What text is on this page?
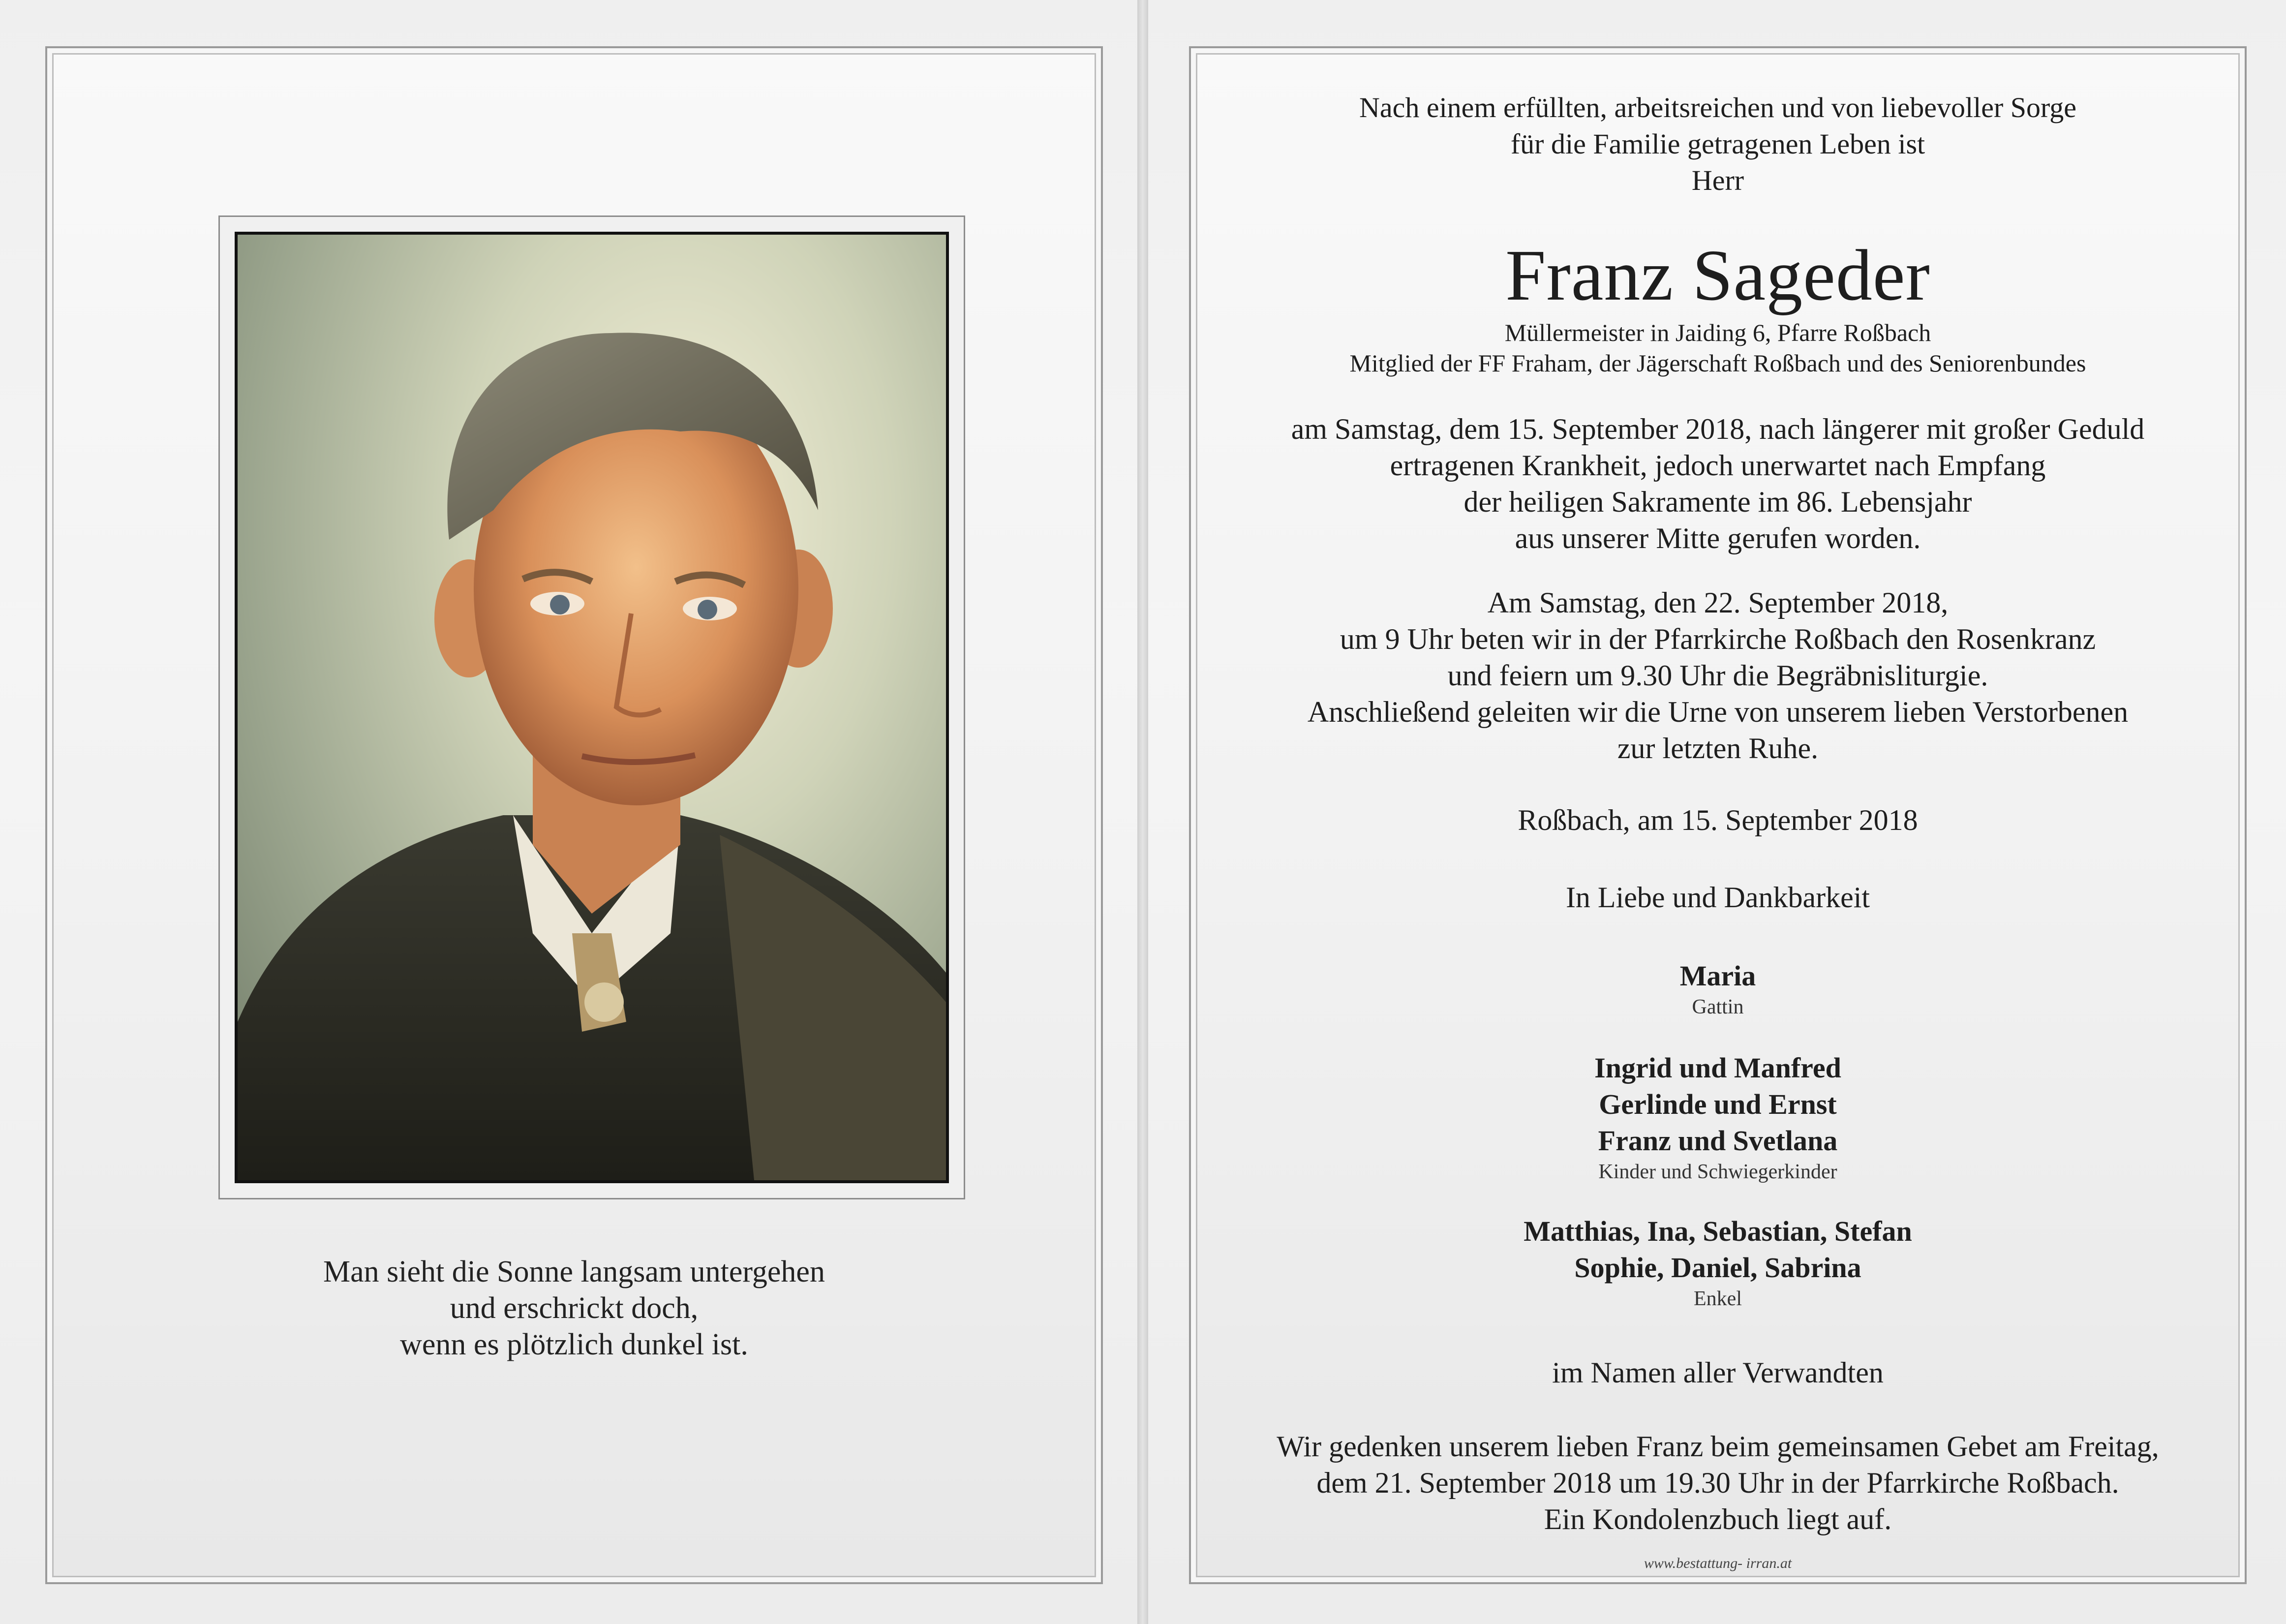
Man sieht die Sonne langsam untergehen
und erschrickt doch,
wenn es plötzlich dunkel ist.
Nach einem erfüllten, arbeitsreichen und von liebevoller Sorge
für die Familie getragenen Leben ist
Herr
Franz Sageder
Müllermeister in Jaiding 6, Pfarre Roßbach
Mitglied der FF Fraham, der Jägerschaft Roßbach und des Seniorenbundes
am Samstag, dem 15. September 2018, nach längerer mit großer Geduld
ertragenen Krankheit, jedoch unerwartet nach Empfang
der heiligen Sakramente im 86. Lebensjahr
aus unserer Mitte gerufen worden.
Am Samstag, den 22. September 2018,
um 9 Uhr beten wir in der Pfarrkirche Roßbach den Rosenkranz
und feiern um 9.30 Uhr die Begräbnisliturgie.
Anschließend geleiten wir die Urne von unserem lieben Verstorbenen
zur letzten Ruhe.
Roßbach, am 15. September 2018
In Liebe und Dankbarkeit
Maria
Gattin
Ingrid und Manfred
Gerlinde und Ernst
Franz und Svetlana
Kinder und Schwiegerkinder
Matthias, Ina, Sebastian, Stefan
Sophie, Daniel, Sabrina
Enkel
im Namen aller Verwandten
Wir gedenken unserem lieben Franz beim gemeinsamen Gebet am Freitag,
dem 21. September 2018 um 19.30 Uhr in der Pfarrkirche Roßbach.
Ein Kondolenzbuch liegt auf.
www.bestattung- irran.at
